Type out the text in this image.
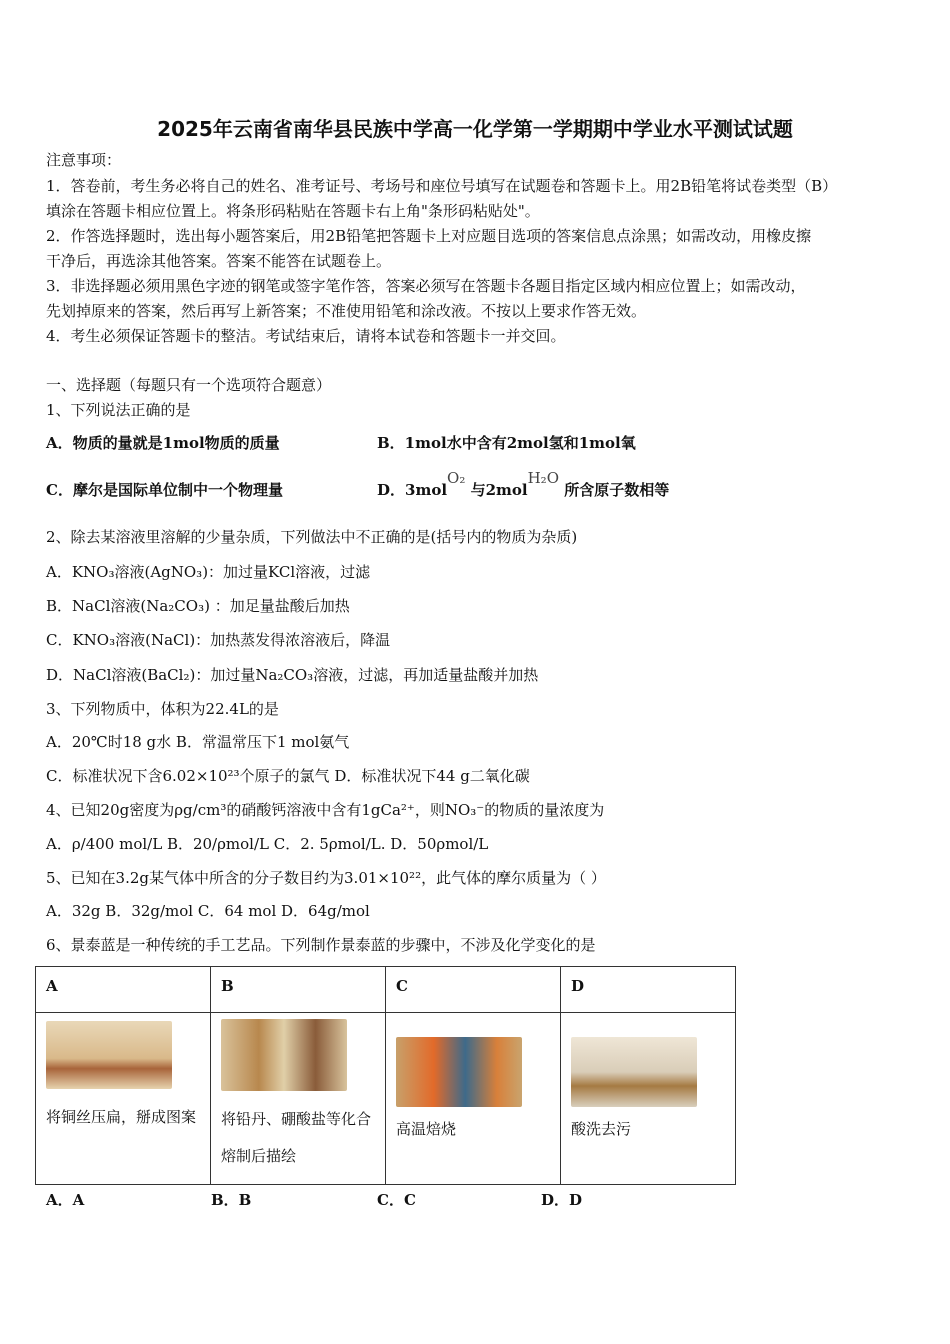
2025年云南省南华县民族中学高一化学第一学期期中学业水平测试试题
注意事项：
1．答卷前，考生务必将自己的姓名、准考证号、考场号和座位号填写在试题卷和答题卡上。用2B铅笔将试卷类型（B）
填涂在答题卡相应位置上。将条形码粘贴在答题卡右上角"条形码粘贴处"。
2．作答选择题时，选出每小题答案后，用2B铅笔把答题卡上对应题目选项的答案信息点涂黑；如需改动，用橡皮擦
干净后，再选涂其他答案。答案不能答在试题卷上。
3．非选择题必须用黑色字迹的钢笔或签字笔作答，答案必须写在答题卡各题目指定区域内相应位置上；如需改动，
先划掉原来的答案，然后再写上新答案；不准使用铅笔和涂改液。不按以上要求作答无效。
4．考生必须保证答题卡的整洁。考试结束后，请将本试卷和答题卡一并交回。
一、选择题（每题只有一个选项符合题意）
1、下列说法正确的是
A．物质的量就是1mol物质的质量	B．1mol水中含有2mol氢和1mol氧
C．摩尔是国际单位制中一个物理量	D．3molO₂ 与2molH₂O 所含原子数相等
2、除去某溶液里溶解的少量杂质，下列做法中不正确的是(括号内的物质为杂质)
A．KNO₃溶液(AgNO₃)：加过量KCl溶液，过滤
B．NaCl溶液(Na₂CO₃) ：加足量盐酸后加热
C．KNO₃溶液(NaCl)：加热蒸发得浓溶液后，降温
D．NaCl溶液(BaCl₂)：加过量Na₂CO₃溶液，过滤，再加适量盐酸并加热
3、下列物质中，体积为22.4L的是
A．20℃时18 g水 B．常温常压下1 mol氨气
C．标准状况下含6.02×10²³个原子的氯气 D．标准状况下44 g二氧化碳
4、已知20g密度为ρg/cm³的硝酸钙溶液中含有1gCa²⁺，则NO₃⁻的物质的量浓度为
A．ρ/400 mol/L B．20/ρmol/L C．2. 5ρmol/L. D．50ρmol/L
5、已知在3.2g某气体中所含的分子数目约为3.01×10²²，此气体的摩尔质量为（ ）
A．32g B．32g/mol C．64 mol D．64g/mol
6、景泰蓝是一种传统的手工艺品。下列制作景泰蓝的步骤中，不涉及化学变化的是
A	B	C	D

将铜丝压扁，掰成图案	将铅丹、硼酸盐等化合熔制后描绘	高温焙烧	酸洗去污
A．A	B．B	C．C	D．D
